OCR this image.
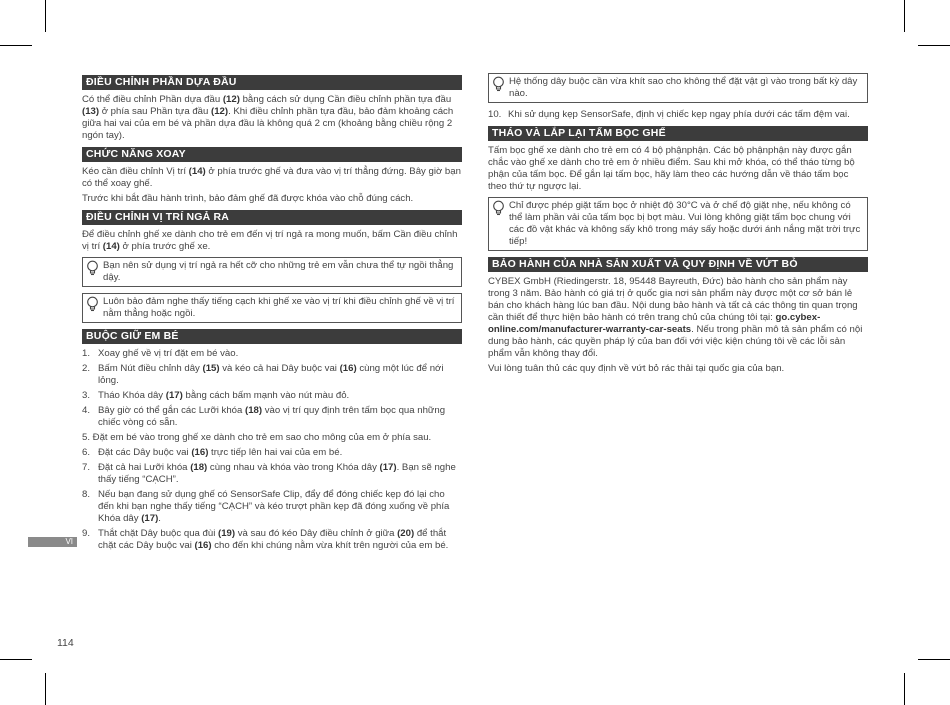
ĐIỀU CHỈNH PHẦN DỰA ĐẦU

Có thể điều chỉnh Phần dựa đầu (12) bằng cách sử dụng Cần điều chỉnh phần tựa đầu (13) ở phía sau Phần tựa đầu (12). Khi điều chỉnh phần tựa đầu, bảo đảm khoảng cách giữa hai vai của em bé và phần dựa đầu là không quá 2 cm (khoảng bằng chiều rộng 2 ngón tay).

CHỨC NĂNG XOAY

Kéo cần điều chỉnh Vị trí (14) ở phía trước ghế và đưa vào vị trí thẳng đứng. Bây giờ bạn có thể xoay ghế.

Trước khi bắt đầu hành trình, bảo đảm ghế đã được khóa vào chỗ đúng cách.

ĐIỀU CHỈNH VỊ TRÍ NGẢ RA

Để điều chỉnh ghế xe dành cho trẻ em đến vị trí ngả ra mong muốn, bấm Cần điều chỉnh vị trí (14) ở phía trước ghế xe.

Bạn nên sử dụng vị trí ngả ra hết cỡ cho những trẻ em vẫn chưa thể tự ngồi thẳng dậy.
Luôn bảo đảm nghe thấy tiếng cạch khi ghế xe vào vị trí khi điều chỉnh ghế về vị trí nằm thẳng hoặc ngồi.
BUỘC GIỮ EM BÉ
1. Xoay ghế về vị trí đặt em bé vào.
2. Bấm Nút điều chỉnh dây (15) và kéo cả hai Dây buộc vai (16) cùng một lúc để nới lỏng.
3. Tháo Khóa dây (17) bằng cách bấm mạnh vào nút màu đỏ.
4. Bây giờ có thể gắn các Lưỡi khóa (18) vào vị trí quy định trên tấm bọc qua những chiếc vòng có sẵn.
5. Đặt em bé vào trong ghế xe dành cho trẻ em sao cho mông của em ở phía sau.
6. Đặt các Dây buộc vai (16) trực tiếp lên hai vai của em bé.
7. Đặt cả hai Lưỡi khóa (18) cùng nhau và khóa vào trong Khóa dây (17). Bạn sẽ nghe thấy tiếng “CẠCH”.
8. Nếu bạn đang sử dụng ghế có SensorSafe Clip, đẩy để đóng chiếc kẹp đó lại cho đến khi bạn nghe thấy tiếng “CẠCH” và kéo trượt phần kẹp đã đóng xuống về phía Khóa dây (17).
9. Thắt chặt Dây buộc qua đùi (19) và sau đó kéo Dây điều chỉnh ở giữa (20) để thắt chặt các Dây buộc vai (16) cho đến khi chúng nằm vừa khít trên người của em bé.
Hệ thống dây buộc cần vừa khít sao cho không thể đặt vật gì vào trong bất kỳ dây nào.
10. Khi sử dụng kẹp SensorSafe, định vị chiếc kẹp ngay phía dưới các tấm đệm vai.
THÁO VÀ LẮP LẠI TẤM BỌC GHẾ

Tấm bọc ghế xe dành cho trẻ em có 4 bộ phậnphận. Các bộ phậnphận này được gắn chắc vào ghế xe dành cho trẻ em ở nhiều điểm. Sau khi mở khóa, có thể tháo từng bộ phận của tấm bọc. Để gắn lại tấm bọc, hãy làm theo các hướng dẫn về tháo tấm bọc theo thứ tự ngược lại.

Chỉ được phép giặt tấm bọc ở nhiệt độ 30°C và ở chế độ giặt nhẹ, nếu không có thể làm phần vải của tấm bọc bị bợt màu. Vui lòng không giặt tấm bọc chung với các đồ vật khác và không sấy khô trong máy sấy hoặc dưới ánh nắng mặt trời trực tiếp!
BẢO HÀNH CỦA NHÀ SẢN XUẤT VÀ QUY ĐỊNH VỀ VỨT BỎ

CYBEX GmbH (Riedingerstr. 18, 95448 Bayreuth, Đức) bảo hành cho sản phẩm này trong 3 năm. Bảo hành có giá trị ở quốc gia nơi sản phẩm này được một cơ sở bán lẻ bán cho khách hàng lúc ban đầu. Nội dung bảo hành và tất cả các thông tin quan trọng cần thiết để thực hiện bảo hành có trên trang chủ của chúng tôi tại: go.cybex-online.com/manufacturer-warranty-car-seats. Nếu trong phần mô tả sản phẩm có nội dung bảo hành, các quyền pháp lý của ban đối với việc kiện chúng tôi về các lỗi sản phẩm vẫn không thay đổi.

Vui lòng tuân thủ các quy định về vứt bỏ rác thải tại quốc gia của bạn.

VI
114
